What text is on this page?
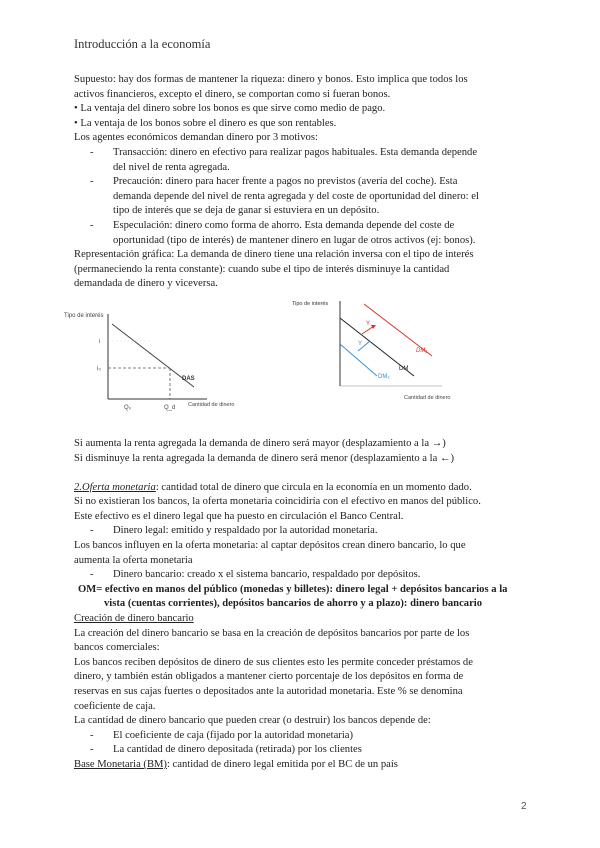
Introducción a la economía

Supuesto: hay dos formas de mantener la riqueza: dinero y bonos. Esto implica que todos los

activos financieros, excepto el dinero, se comportan como si fueran bonos.

• La ventaja del dinero sobre los bonos es que sirve como medio de pago.

• La ventaja de los bonos sobre el dinero es que son rentables.

Los agentes económicos demandan dinero por 3 motivos:

- Transacción: dinero en efectivo para realizar pagos habituales. Esta demanda depende
del nivel de renta agregada.
- Precaución: dinero para hacer frente a pagos no previstos (avería del coche). Esta
demanda depende del nivel de renta agregada y del coste de oportunidad del dinero: el
tipo de interés que se deja de ganar si estuviera en un depósito.
- Especulación: dinero como forma de ahorro. Esta demanda depende del coste de
oportunidad (tipo de interés) de mantener dinero en lugar de otros activos (ej: bonos).

Representación gráfica: La demanda de dinero tiene una relación inversa con el tipo de interés

(permaneciendo la renta constante): cuando sube el tipo de interés disminuye la cantidad

demandada de dinero y viceversa.

Tipo de interés
i
i₀
DAS
Q₀	Q_d Cantidad de dinero
Tipo de interés
Y
Y
DM₁
DM
DM₂
Cantidad de dinero

Si aumenta la renta agregada la demanda de dinero será mayor (desplazamiento a la →)

Si disminuye la renta agregada la demanda de dinero será menor (desplazamiento a la ←)

2.Oferta monetaria: cantidad total de dinero que circula en la economía en un momento dado.

Si no existieran los bancos, la oferta monetaria coincidiría con el efectivo en manos del público.

Este efectivo es el dinero legal que ha puesto en circulación el Banco Central.

- Dinero legal: emitido y respaldado por la autoridad monetaria.

Los bancos influyen en la oferta monetaria: al captar depósitos crean dinero bancario, lo que

aumenta la oferta monetaria

- Dinero bancario: creado x el sistema bancario, respaldado por depósitos.

OM= efectivo en manos del público (monedas y billetes): dinero legal + depósitos bancarios a la

vista (cuentas corrientes), depósitos bancarios de ahorro y a plazo): dinero bancario

Creación de dinero bancario

La creación del dinero bancario se basa en la creación de depósitos bancarios por parte de los

bancos comerciales:

Los bancos reciben depósitos de dinero de sus clientes esto les permite conceder préstamos de

dinero, y también están obligados a mantener cierto porcentaje de los depósitos en forma de

reservas en sus cajas fuertes o depositados ante la autoridad monetaria. Este % se denomina

coeficiente de caja.

La cantidad de dinero bancario que pueden crear (o destruir) los bancos depende de:

- El coeficiente de caja (fijado por la autoridad monetaria)
- La cantidad de dinero depositada (retirada) por los clientes

Base Monetaria (BM): cantidad de dinero legal emitida por el BC de un país

2
